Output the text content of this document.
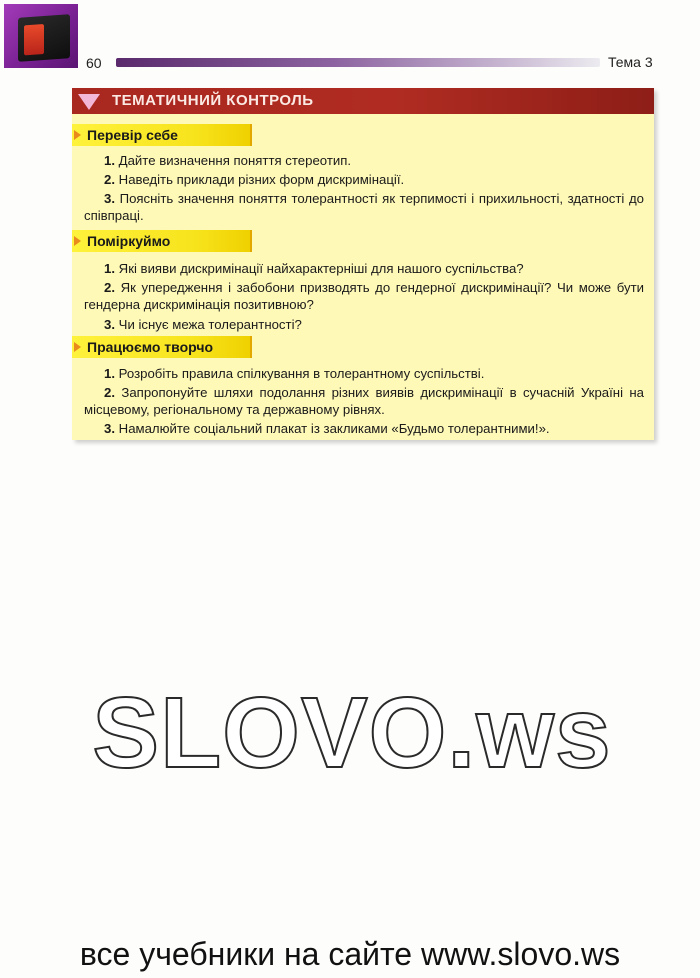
60	Тема 3
ТЕМАТИЧНИЙ КОНТРОЛЬ
Перевір себе
1. Дайте визначення поняття стереотип.
2. Наведіть приклади різних форм дискримінації.
3. Поясніть значення поняття толерантності як терпимості і прихильності, здатності до співпраці.
Поміркуймо
1. Які вияви дискримінації найхарактерніші для нашого суспільства?
2. Як упередження і забобони призводять до гендерної дискримінації? Чи може бути гендерна дискримінація позитивною?
3. Чи існує межа толерантності?
Працюємо творчо
1. Розробіть правила спілкування в толерантному суспільстві.
2. Запропонуйте шляхи подолання різних виявів дискримінації в сучасній Україні на місцевому, регіональному та державному рівнях.
3. Намалюйте соціальний плакат із закликами «Будьмо толерантними!».
SLOVO.ws
все учебники на сайте www.slovo.ws
